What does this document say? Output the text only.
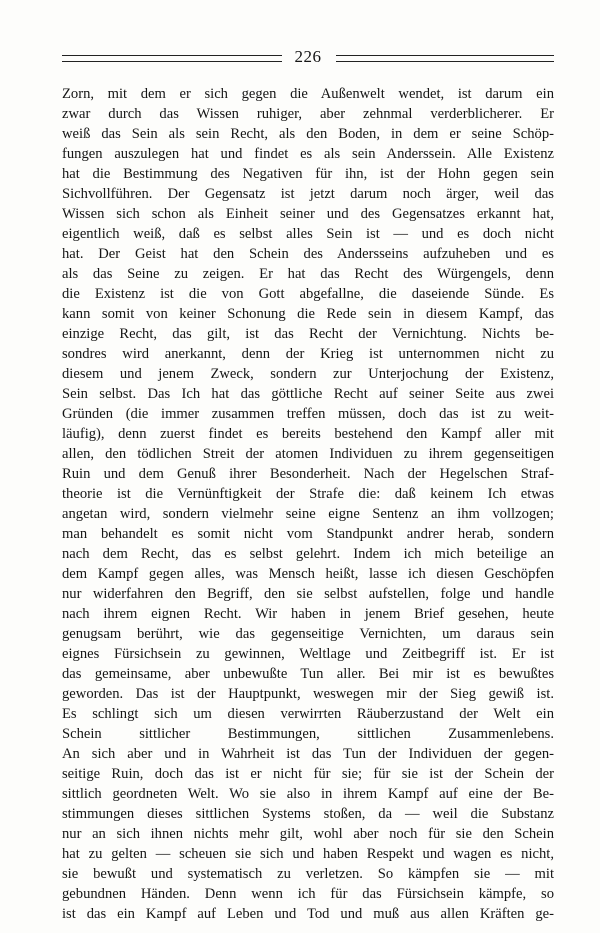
226
Zorn, mit dem er sich gegen die Außenwelt wendet, ist darum ein
zwar durch das Wissen ruhiger, aber zehnmal verderblicherer. Er
weiß das Sein als sein Recht, als den Boden, in dem er seine Schöp-
fungen auszulegen hat und findet es als sein Anderssein. Alle Existenz
hat die Bestimmung des Negativen für ihn, ist der Hohn gegen sein
Sichvollführen. Der Gegensatz ist jetzt darum noch ärger, weil das
Wissen sich schon als Einheit seiner und des Gegensatzes erkannt hat,
eigentlich weiß, daß es selbst alles Sein ist — und es doch nicht
hat. Der Geist hat den Schein des Andersseins aufzuheben und es
als das Seine zu zeigen. Er hat das Recht des Würgengels, denn
die Existenz ist die von Gott abgefallne, die daseiende Sünde. Es
kann somit von keiner Schonung die Rede sein in diesem Kampf, das
einzige Recht, das gilt, ist das Recht der Vernichtung. Nichts be-
sondres wird anerkannt, denn der Krieg ist unternommen nicht zu
diesem und jenem Zweck, sondern zur Unterjochung der Existenz,
Sein selbst. Das Ich hat das göttliche Recht auf seiner Seite aus zwei
Gründen (die immer zusammen treffen müssen, doch das ist zu weit-
läufig), denn zuerst findet es bereits bestehend den Kampf aller mit
allen, den tödlichen Streit der atomen Individuen zu ihrem gegenseitigen
Ruin und dem Genuß ihrer Besonderheit. Nach der Hegelschen Straf-
theorie ist die Vernünftigkeit der Strafe die: daß keinem Ich etwas
angetan wird, sondern vielmehr seine eigne Sentenz an ihm vollzogen;
man behandelt es somit nicht vom Standpunkt andrer herab, sondern
nach dem Recht, das es selbst gelehrt. Indem ich mich beteilige an
dem Kampf gegen alles, was Mensch heißt, lasse ich diesen Geschöpfen
nur widerfahren den Begriff, den sie selbst aufstellen, folge und handle
nach ihrem eignen Recht. Wir haben in jenem Brief gesehen, heute
genugsam berührt, wie das gegenseitige Vernichten, um daraus sein
eignes Fürsichsein zu gewinnen, Weltlage und Zeitbegriff ist. Er ist
das gemeinsame, aber unbewußte Tun aller. Bei mir ist es bewußtes
geworden. Das ist der Hauptpunkt, weswegen mir der Sieg gewiß ist.
Es schlingt sich um diesen verwirrten Räuberzustand der Welt ein
Schein sittlicher Bestimmungen, sittlichen Zusammenlebens.
An sich aber und in Wahrheit ist das Tun der Individuen der gegen-
seitige Ruin, doch das ist er nicht für sie; für sie ist der Schein der
sittlich geordneten Welt. Wo sie also in ihrem Kampf auf eine der Be-
stimmungen dieses sittlichen Systems stoßen, da — weil die Substanz
nur an sich ihnen nichts mehr gilt, wohl aber noch für sie den Schein
hat zu gelten — scheuen sie sich und haben Respekt und wagen es nicht,
sie bewußt und systematisch zu verletzen. So kämpfen sie — mit
gebundnen Händen. Denn wenn ich für das Fürsichsein kämpfe, so
ist das ein Kampf auf Leben und Tod und muß aus allen Kräften ge-
